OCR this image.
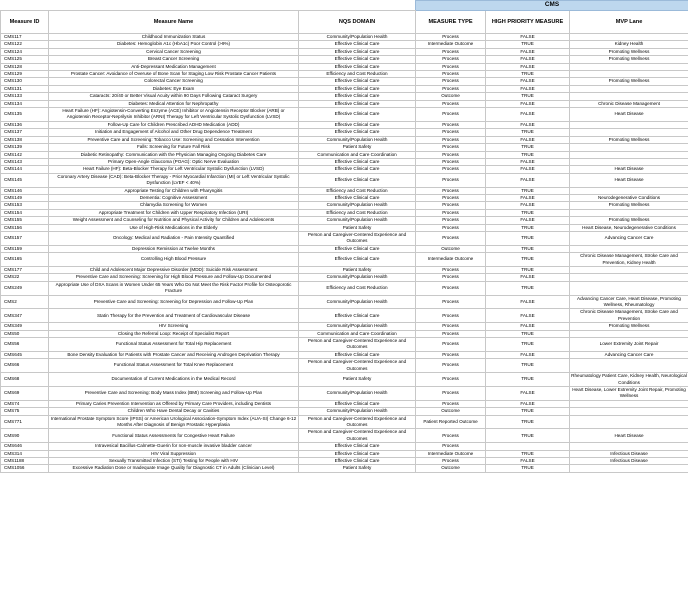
			CMS		
Measure ID	Measure Name	NQS DOMAIN	MEASURE TYPE	HIGH PRIORITY MEASURE	MVP Lane
CMS117	Childhood Immunization Status	Community/Population Health	Process	FALSE	
CMS122	Diabetes: Hemoglobin A1c (HbA1c) Poor Control (>9%)	Effective Clinical Care	Intermediate Outcome	TRUE	Kidney Health
CMS124	Cervical Cancer Screening	Effective Clinical Care	Process	FALSE	Promoting Wellness
CMS125	Breast Cancer Screening	Effective Clinical Care	Process	FALSE	Promoting Wellness
CMS128	Anti-Depressant Medication Management	Effective Clinical Care	Process	FALSE	
CMS129	Prostate Cancer: Avoidance of Overuse of Bone Scan for Staging Low Risk Prostate Cancer Patients	Efficiency and Cost Reduction	Process	TRUE	
CMS130	Colorectal Cancer Screening	Effective Clinical Care	Process	FALSE	Promoting Wellness
CMS131	Diabetes: Eye Exam	Effective Clinical Care	Process	FALSE	
CMS133	Cataracts: 20/40 or Better Visual Acuity within 90 Days Following Cataract Surgery	Effective Clinical Care	Outcome	TRUE	
CMS134	Diabetes: Medical Attention for Nephropathy	Effective Clinical Care	Process	FALSE	Chronic Disease Management
CMS135	Heart Failure (HF): Angiotensin-Converting Enzyme (ACE) Inhibitor or Angiotensin Receptor Blocker (ARB) or Angiotensin Receptor-Neprilysin Inhibitor (ARNI) Therapy for Left Ventricular Systolic Dysfunction (LVSD)	Effective Clinical Care	Process	FALSE	Heart Disease
CMS136	Follow-Up Care for Children Prescribed ADHD Medication (ADD)	Effective Clinical Care	Process	FALSE	
CMS137	Initiation and Engagement of Alcohol and Other Drug Dependence Treatment	Effective Clinical Care	Process	TRUE	
CMS138	Preventive Care and Screening: Tobacco Use: Screening and Cessation Intervention	Community/Population Health	Process	FALSE	Promoting Wellness
CMS139	Falls: Screening for Future Fall Risk	Patient Safety	Process	TRUE	
CMS142	Diabetic Retinopathy: Communication with the Physician Managing Ongoing Diabetes Care	Communication and Care Coordination	Process	TRUE	
CMS143	Primary Open-Angle Glaucoma (POAG): Optic Nerve Evaluation	Effective Clinical Care	Process	FALSE	
CMS144	Heart Failure (HF): Beta-Blocker Therapy for Left Ventricular Systolic Dysfunction (LVSD)	Effective Clinical Care	Process	FALSE	Heart Disease
CMS145	Coronary Artery Disease (CAD): Beta-Blocker Therapy - Prior Myocardial Infarction (MI) or Left Ventricular Systolic Dysfunction (LVEF < 40%)	Effective Clinical Care	Process	FALSE	Heart Disease
CMS146	Appropriate Testing for Children with Pharyngitis	Efficiency and Cost Reduction	Process	TRUE	
CMS149	Dementia: Cognitive Assessment	Effective Clinical Care	Process	FALSE	Neurodegenerative Conditions
CMS153	Chlamydia Screening for Women	Community/Population Health	Process	FALSE	Promoting Wellness
CMS154	Appropriate Treatment for Children with Upper Respiratory Infection (URI)	Efficiency and Cost Reduction	Process	TRUE	
CMS155	Weight Assessment and Counseling for Nutrition and Physical Activity for Children and Adolescents	Community/Population Health	Process	FALSE	Promoting Wellness
CMS156	Use of High-Risk Medications in the Elderly	Patient Safety	Process	TRUE	Heart Disease, Neurodegenerative Conditions
CMS157	Oncology: Medical and Radiation - Pain Intensity Quantified	Person and Caregiver-Centered Experience and Outcomes	Process	TRUE	Advancing Cancer Care
CMS159	Depression Remission at Twelve Months	Effective Clinical Care	Outcome	TRUE	
CMS165	Controlling High Blood Pressure	Effective Clinical Care	Intermediate Outcome	TRUE	Chronic Disease Management, Stroke Care and Prevention, Kidney Health
CMS177	Child and Adolescent Major Depressive Disorder (MDD): Suicide Risk Assessment	Patient Safety	Process	TRUE	
CMS22	Preventive Care and Screening: Screening for High Blood Pressure and Follow-Up Documented	Community/Population Health	Process	FALSE	
CMS249	Appropriate Use of DXA Scans in Women Under 65 Years Who Do Not Meet the Risk Factor Profile for Osteoporotic Fracture	Efficiency and Cost Reduction	Process	TRUE	
CMS2	Preventive Care and Screening: Screening for Depression and Follow-Up Plan	Community/Population Health	Process	FALSE	Advancing Cancer Care, Heart Disease, Promoting Wellness, Rheumatology
CMS347	Statin Therapy for the Prevention and Treatment of Cardiovascular Disease	Effective Clinical Care	Process	FALSE	Chronic Disease Management, Stroke Care and Prevention
CMS349	HIV Screening	Community/Population Health	Process	FALSE	Promoting Wellness
CMS50	Closing the Referral Loop: Receipt of Specialist Report	Communication and Care Coordination	Process	TRUE	
CMS56	Functional Status Assessment for Total Hip Replacement	Person and Caregiver-Centered Experience and Outcomes	Process	TRUE	Lower Extremity Joint Repair
CMS645	Bone Density Evaluation for Patients with Prostate Cancer and Receiving Androgen Deprivation Therapy	Effective Clinical Care	Process	FALSE	Advancing Cancer Care
CMS66	Functional Status Assessment for Total Knee Replacement	Person and Caregiver-Centered Experience and Outcomes	Process	TRUE	
CMS68	Documentation of Current Medications in the Medical Record	Patient Safety	Process	TRUE	Rheumatology Patient Care, Kidney Health, Neurological Conditions
CMS69	Preventive Care and Screening: Body Mass Index (BMI) Screening and Follow-Up Plan	Community/Population Health	Process	FALSE	Heart Disease, Lower Extremity Joint Repair, Promoting Wellness
CMS74	Primary Caries Prevention Intervention as Offered by Primary Care Providers, including Dentists	Effective Clinical Care	Process	FALSE	
CMS75	Children Who Have Dental Decay or Cavities	Community/Population Health	Outcome	TRUE	
CMS771	International Prostate Symptom Score (IPSS) or American Urological Association-Symptom Index (AUA-SI) Change 6-12 Months After Diagnosis of Benign Prostatic Hyperplasia	Person and Caregiver-Centered Experience and Outcomes	Patient Reported Outcome	TRUE	
CMS90	Functional Status Assessments for Congestive Heart Failure	Person and Caregiver-Centered Experience and Outcomes	Process	TRUE	Heart Disease
CMS646	Intravesical Bacillus-Calmette-Guerin for non-muscle invasive bladder cancer	Effective Clinical Care	Process		
CMS314	HIV Viral Suppression	Effective Clinical Care	Intermediate Outcome	TRUE	Infectious Disease
CMS1188	Sexually Transmitted Infection (STI) Testing for People with HIV	Effective Clinical Care	Process	FALSE	Infectious Disease
CMS1056	Excessive Radiation Dose or Inadequate Image Quality for Diagnostic CT in Adults (Clinician Level)	Patient Safety	Outcome	TRUE	
